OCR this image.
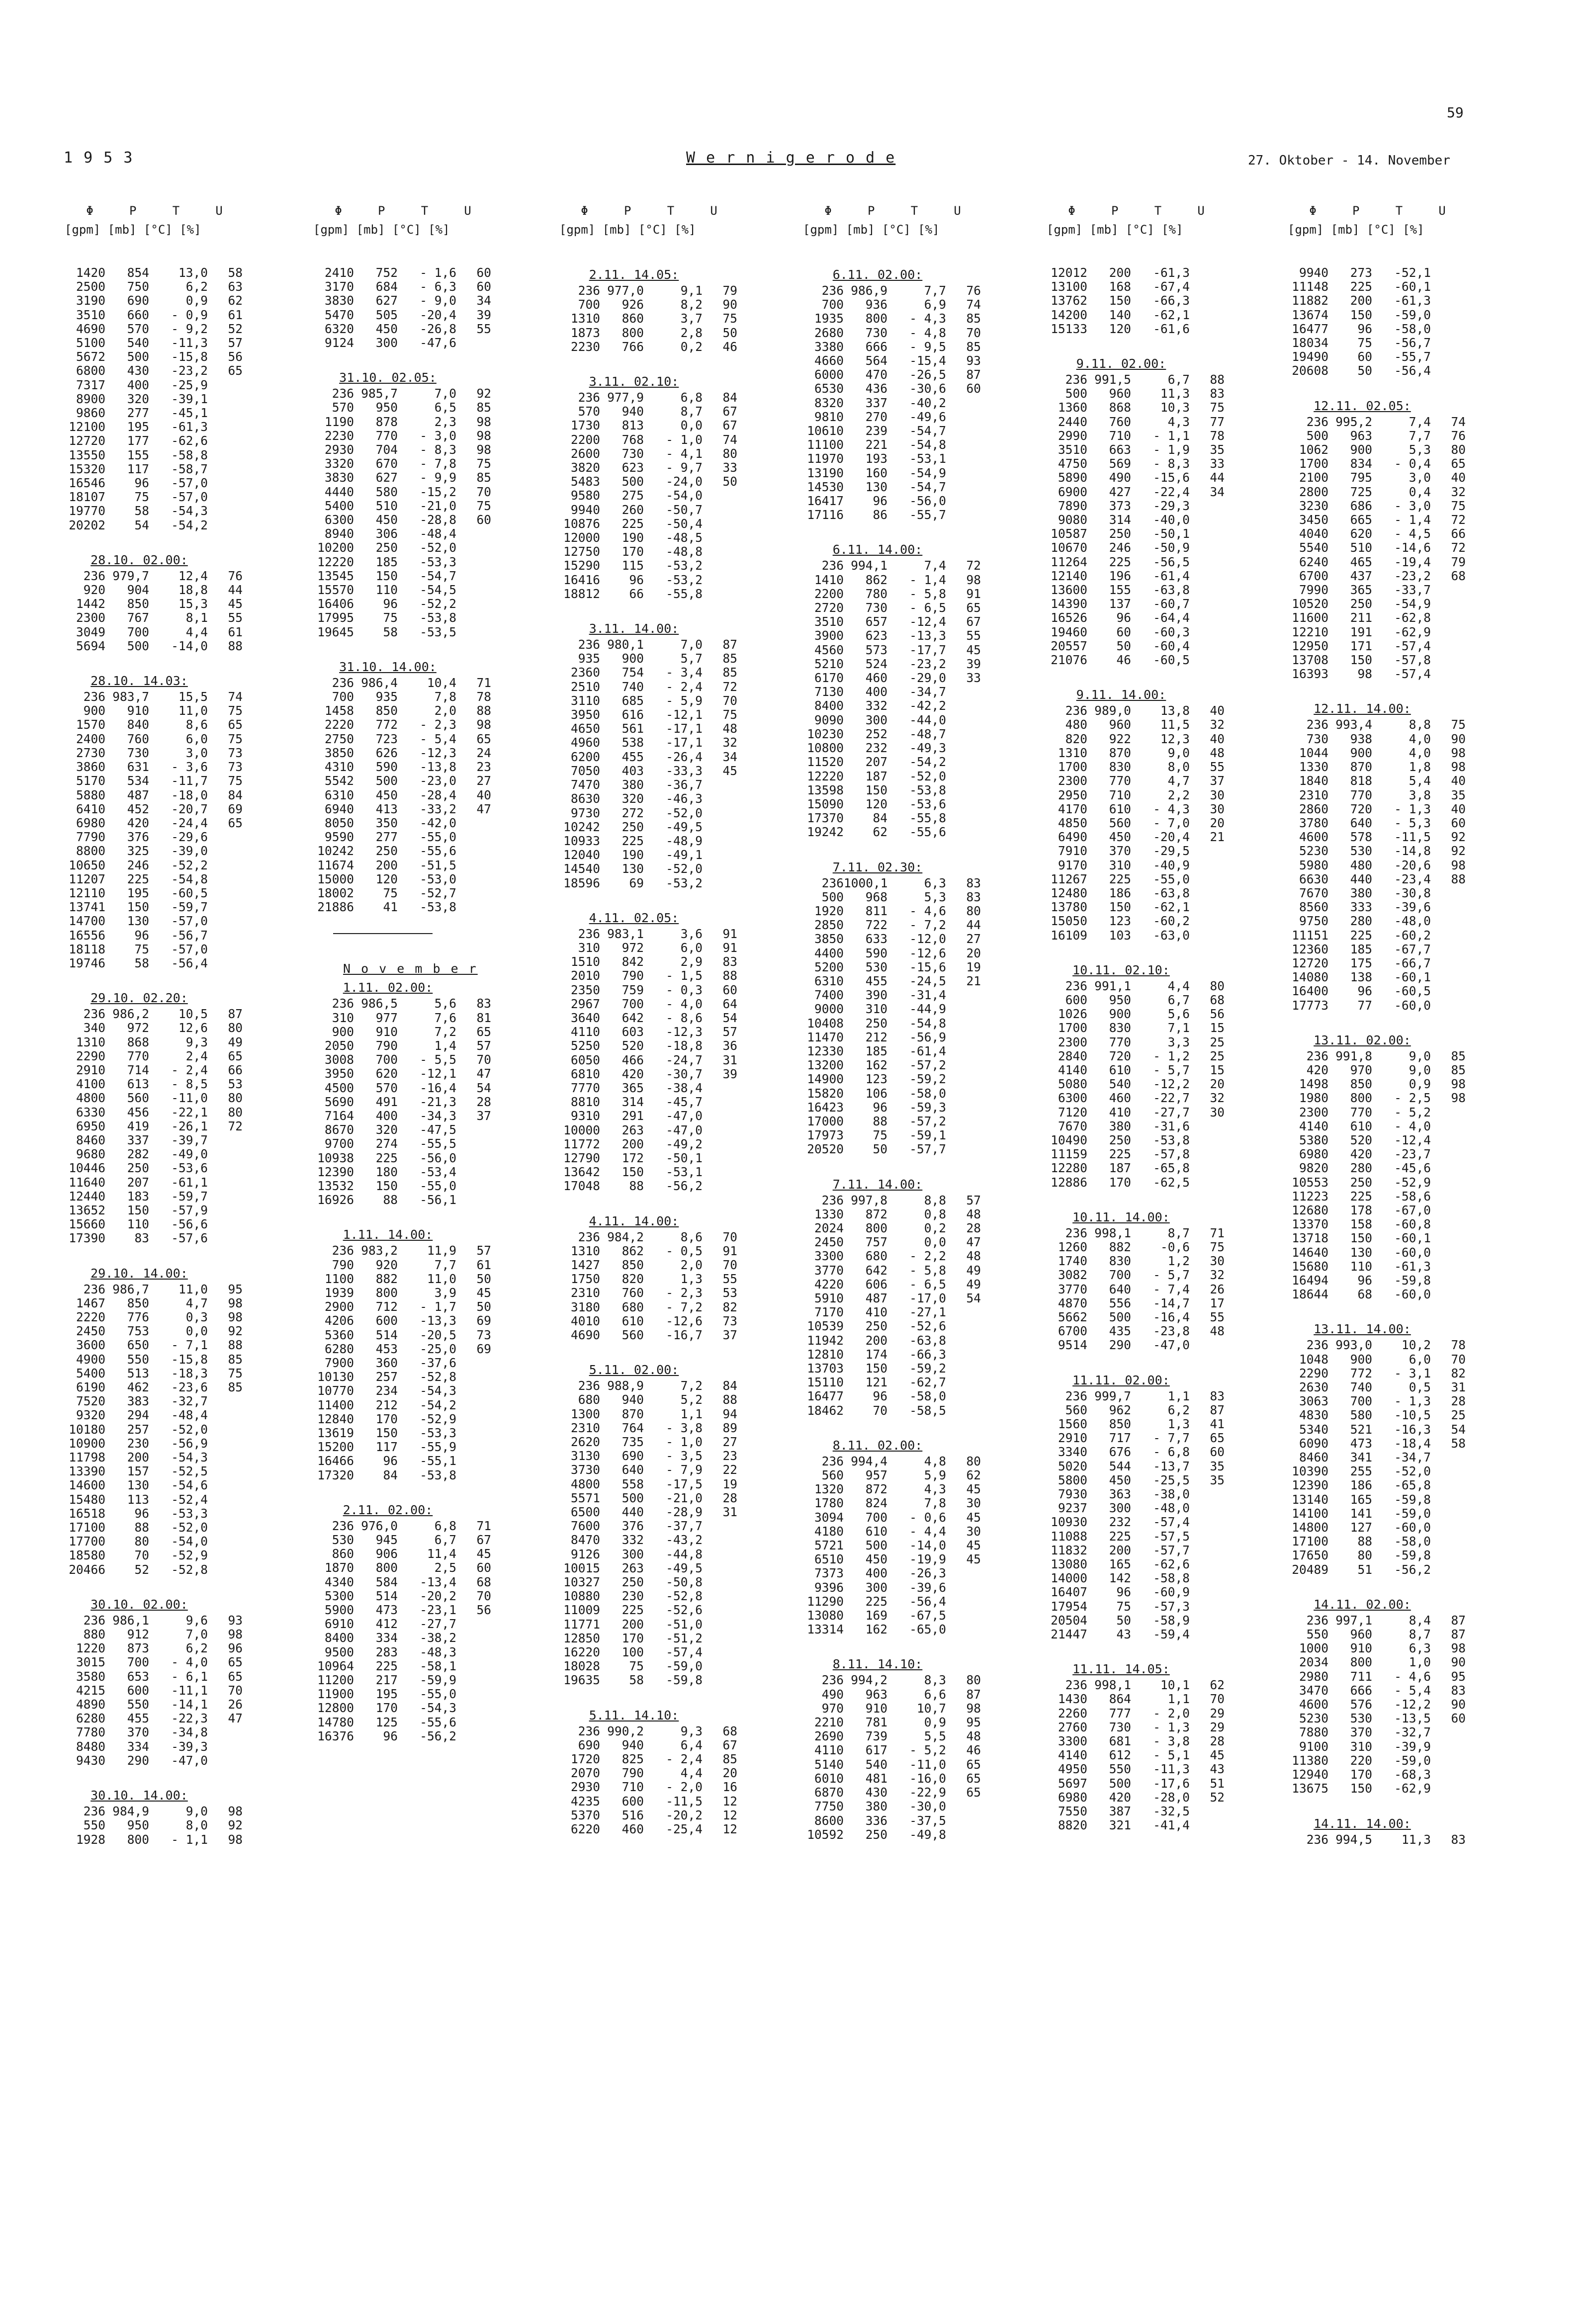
1 9 5 3	W e r n i g e r o d e	27. Oktober - 14. November
59
Φ     P     T     U
[gpm] [mb] [°C] [%]
1420	854	13,0	58
2500	750	6,2	63
3190	690	0,9	62
3510	660	- 0,9	61
4690	570	- 9,2	52
5100	540	-11,3	57
5672	500	-15,8	56
6800	430	-23,2	65
7317	400	-25,9
8900	320	-39,1
9860	277	-45,1
12100	195	-61,3
12720	177	-62,6
13550	155	-58,8
15320	117	-58,7
16546	96	-57,0
18107	75	-57,0
19770	58	-54,3
20202	54	-54,2
28.10. 02.00:
236 979,7	12,4	76
920	904	18,8	44
1442	850	15,3	45
2300	767	8,1	55
3049	700	4,4	61
5694	500	-14,0	88
28.10. 14.03:
236 983,7	15,5	74
900	910	11,0	75
1570	840	8,6	65
2400	760	6,0	75
2730	730	3,0	73
3860	631	- 3,6	73
5170	534	-11,7	75
5880	487	-18,0	84
6410	452	-20,7	69
6980	420	-24,4	65
7790	376	-29,6
8800	325	-39,0
10650	246	-52,2
11207	225	-54,8
12110	195	-60,5
13741	150	-59,7
14700	130	-57,0
16556	96	-56,7
18118	75	-57,0
19746	58	-56,4
29.10. 02.20:
236 986,2	10,5	87
340	972	12,6	80
1310	868	9,3	49
2290	770	2,4	65
2910	714	- 2,4	66
4100	613	- 8,5	53
4800	560	-11,0	80
6330	456	-22,1	80
6950	419	-26,1	72
8460	337	-39,7
9680	282	-49,0
10446	250	-53,6
11640	207	-61,1
12440	183	-59,7
13652	150	-57,9
15660	110	-56,6
17390	83	-57,6
29.10. 14.00:
236 986,7	11,0	95
1467	850	4,7	98
2220	776	0,3	98
2450	753	0,0	92
3600	650	- 7,1	88
4900	550	-15,8	85
5400	513	-18,3	75
6190	462	-23,6	85
7520	383	-32,7
9320	294	-48,4
10180	257	-52,0
10900	230	-56,9
11798	200	-54,3
13390	157	-52,5
14600	130	-54,6
15480	113	-52,4
16518	96	-53,3
17100	88	-52,0
17700	80	-54,0
18580	70	-52,9
20466	52	-52,8
30.10. 02.00:
236 986,1	9,6	93
880	912	7,0	98
1220	873	6,2	96
3015	700	- 4,0	65
3580	653	- 6,1	65
4215	600	-11,1	70
4890	550	-14,1	26
6280	455	-22,3	47
7780	370	-34,8
8480	334	-39,3
9430	290	-47,0
30.10. 14.00:
236 984,9	9,0	98
550	950	8,0	92
1928	800	- 1,1	98
Φ     P     T     U
[gpm] [mb] [°C] [%]
2410	752	- 1,6	60
3170	684	- 6,3	60
3830	627	- 9,0	34
5470	505	-20,4	39
6320	450	-26,8	55
9124	300	-47,6
31.10. 02.05:
236 985,7	7,0	92
570	950	6,5	85
1190	878	2,3	98
2230	770	- 3,0	98
2930	704	- 8,3	98
3320	670	- 7,8	75
3830	627	- 9,9	85
4440	580	-15,2	70
5400	510	-21,0	75
6300	450	-28,8	60
8940	306	-48,4
10200	250	-52,0
12220	185	-53,3
13545	150	-54,7
15570	110	-54,5
16406	96	-52,2
17995	75	-53,8
19645	58	-53,5
31.10. 14.00:
236 986,4	10,4	71
700	935	7,8	78
1458	850	2,0	88
2220	772	- 2,3	98
2750	723	- 5,4	65
3850	626	-12,3	24
4310	590	-13,8	23
5542	500	-23,0	27
6310	450	-28,4	40
6940	413	-33,2	47
8050	350	-42,0
9590	277	-55,0
10242	250	-55,6
11674	200	-51,5
15000	120	-53,0
18002	75	-52,7
21886	41	-53,8
N o v e m b e r
1.11. 02.00:
236 986,5	5,6	83
310	977	7,6	81
900	910	7,2	65
2050	790	1,4	57
3008	700	- 5,5	70
3950	620	-12,1	47
4500	570	-16,4	54
5690	491	-21,3	28
7164	400	-34,3	37
8670	320	-47,5
9700	274	-55,5
10938	225	-56,0
12390	180	-53,4
13532	150	-55,0
16926	88	-56,1
1.11. 14.00:
236 983,2	11,9	57
790	920	7,7	61
1100	882	11,0	50
1939	800	3,9	45
2900	712	- 1,7	50
4206	600	-13,3	69
5360	514	-20,5	73
6280	453	-25,0	69
7900	360	-37,6
10130	257	-52,8
10770	234	-54,3
11400	212	-54,2
12840	170	-52,9
13619	150	-53,3
15200	117	-55,9
16466	96	-55,1
17320	84	-53,8
2.11. 02.00:
236 976,0	6,8	71
530	945	6,7	67
860	906	11,4	45
1870	800	2,5	60
4340	584	-13,4	68
5300	514	-20,2	70
5900	473	-23,1	56
6910	412	-27,7
8400	334	-38,2
9500	283	-48,3
10964	225	-58,1
11200	217	-59,9
11900	195	-55,0
12800	170	-54,3
14780	125	-55,6
16376	96	-56,2
Φ     P     T     U
[gpm] [mb] [°C] [%]
2.11. 14.05:
236 977,0	9,1	79
700	926	8,2	90
1310	860	3,7	75
1873	800	2,8	50
2230	766	0,2	46
3.11. 02.10:
236 977,9	6,8	84
570	940	8,7	67
1730	813	0,0	67
2200	768	- 1,0	74
2600	730	- 4,1	80
3820	623	- 9,7	33
5483	500	-24,0	50
9580	275	-54,0
9940	260	-50,7
10876	225	-50,4
12000	190	-48,5
12750	170	-48,8
15290	115	-53,2
16416	96	-53,2
18812	66	-55,8
3.11. 14.00:
236 980,1	7,0	87
935	900	5,7	85
2360	754	- 3,4	85
2510	740	- 2,4	72
3110	685	- 5,9	70
3950	616	-12,1	75
4650	561	-17,1	48
4960	538	-17,1	32
6200	455	-26,4	34
7050	403	-33,3	45
7470	380	-36,7
8630	320	-46,3
9730	272	-52,0
10242	250	-49,5
10933	225	-48,9
12040	190	-49,1
14540	130	-52,0
18596	69	-53,2
4.11. 02.05:
236 983,1	3,6	91
310	972	6,0	91
1510	842	2,9	83
2010	790	- 1,5	88
2350	759	- 0,3	60
2967	700	- 4,0	64
3640	642	- 8,6	54
4110	603	-12,3	57
5250	520	-18,8	36
6050	466	-24,7	31
6810	420	-30,7	39
7770	365	-38,4
8810	314	-45,7
9310	291	-47,0
10000	263	-47,0
11772	200	-49,2
12790	172	-50,1
13642	150	-53,1
17048	88	-56,2
4.11. 14.00:
236 984,2	8,6	70
1310	862	- 0,5	91
1427	850	2,0	70
1750	820	1,3	55
2310	760	- 2,3	53
3180	680	- 7,2	82
4010	610	-12,6	73
4690	560	-16,7	37
5.11. 02.00:
236 988,9	7,2	84
680	940	5,2	88
1300	870	1,1	94
2310	764	- 3,8	89
2620	735	- 1,0	27
3130	690	- 3,5	23
3730	640	- 7,9	22
4800	558	-17,5	19
5571	500	-21,0	28
6500	440	-28,9	31
7600	376	-37,7
8470	332	-43,2
9126	300	-44,8
10015	263	-49,5
10327	250	-50,8
10880	230	-52,8
11009	225	-52,6
11771	200	-51,0
12850	170	-51,2
16220	100	-57,4
18028	75	-59,0
19635	58	-59,8
5.11. 14.10:
236 990,2	9,3	68
690	940	6,4	67
1720	825	- 2,4	85
2070	790	4,4	20
2930	710	- 2,0	16
4235	600	-11,5	12
5370	516	-20,2	12
6220	460	-25,4	12
Φ     P     T     U
[gpm] [mb] [°C] [%]
6.11. 02.00:
236 986,9	7,7	76
700	936	6,9	74
1935	800	- 4,3	85
2680	730	- 4,8	70
3380	666	- 9,5	85
4660	564	-15,4	93
6000	470	-26,5	87
6530	436	-30,6	60
8320	337	-40,2
9810	270	-49,6
10610	239	-54,7
11100	221	-54,8
11970	193	-53,1
13190	160	-54,9
14530	130	-54,7
16417	96	-56,0
17116	86	-55,7
6.11. 14.00:
236 994,1	7,4	72
1410	862	- 1,4	98
2200	780	- 5,8	91
2720	730	- 6,5	65
3510	657	-12,4	67
3900	623	-13,3	55
4560	573	-17,7	45
5210	524	-23,2	39
6170	460	-29,0	33
7130	400	-34,7
8400	332	-42,2
9090	300	-44,0
10230	252	-48,7
10800	232	-49,3
11520	207	-54,2
12220	187	-52,0
13598	150	-53,8
15090	120	-53,6
17370	84	-55,8
19242	62	-55,6
7.11. 02.30:
236 1000,1	6,3	83
500	968	5,3	83
1920	811	- 4,6	80
2850	722	- 7,2	44
3850	633	-12,0	27
4400	590	-12,6	20
5200	530	-15,6	19
6310	455	-24,5	21
7400	390	-31,4
9000	310	-44,9
10408	250	-54,8
11470	212	-56,9
12330	185	-61,4
13200	162	-57,2
14900	123	-59,2
15820	106	-58,0
16423	96	-59,3
17000	88	-57,2
17973	75	-59,1
20520	50	-57,7
7.11. 14.00:
236 997,8	8,8	57
1330	872	0,8	48
2024	800	0,2	28
2450	757	0,0	47
3300	680	- 2,2	48
3770	642	- 5,8	49
4220	606	- 6,5	49
5910	487	-17,0	54
7170	410	-27,1
10539	250	-52,6
11942	200	-63,8
12810	174	-66,3
13703	150	-59,2
15110	121	-62,7
16477	96	-58,0
18462	70	-58,5
8.11. 02.00:
236 994,4	4,8	80
560	957	5,9	62
1320	872	4,3	45
1780	824	7,8	30
3094	700	- 0,6	45
4180	610	- 4,4	30
5721	500	-14,0	45
6510	450	-19,9	45
7373	400	-26,3
9396	300	-39,6
11290	225	-56,4
13080	169	-67,5
13314	162	-65,0
8.11. 14.10:
236 994,2	8,3	80
490	963	6,6	87
970	910	10,7	98
2210	781	0,9	95
2690	739	5,5	48
4110	617	- 5,2	46
5140	540	-11,0	65
6010	481	-16,0	65
6870	430	-22,9	65
7750	380	-30,0
8600	336	-37,5
10592	250	-49,8
Φ     P     T     U
[gpm] [mb] [°C] [%]
12012	200	-61,3
13100	168	-67,4
13762	150	-66,3
14200	140	-62,1
15133	120	-61,6
9.11. 02.00:
236 991,5	6,7	88
500	960	11,3	83
1360	868	10,3	75
2440	760	4,3	77
2990	710	- 1,1	78
3510	663	- 1,9	35
4750	569	- 8,3	33
5890	490	-15,6	44
6900	427	-22,4	34
7890	373	-29,3
9080	314	-40,0
10587	250	-50,1
10670	246	-50,9
11264	225	-56,5
12140	196	-61,4
13600	155	-63,8
14390	137	-60,7
16526	96	-64,4
19460	60	-60,3
20557	50	-60,4
21076	46	-60,5
9.11. 14.00:
236 989,0	13,8	40
480	960	11,5	32
820	922	12,3	40
1310	870	9,0	48
1700	830	8,0	55
2300	770	4,7	37
2950	710	2,2	30
4170	610	- 4,3	30
4850	560	- 7,0	20
6490	450	-20,4	21
7910	370	-29,5
9170	310	-40,9
11267	225	-55,0
12480	186	-63,8
13780	150	-62,1
15050	123	-60,2
16109	103	-63,0
10.11. 02.10:
236 991,1	4,4	80
600	950	6,7	68
1026	900	5,6	56
1700	830	7,1	15
2300	770	3,3	25
2840	720	- 1,2	25
4140	610	- 5,7	15
5080	540	-12,2	20
6300	460	-22,7	32
7120	410	-27,7	30
7670	380	-31,6
10490	250	-53,8
11159	225	-57,8
12280	187	-65,8
12886	170	-62,5
10.11. 14.00:
236 998,1	8,7	71
1260	882	-0,6	75
1740	830	1,2	30
3082	700	- 5,7	32
3770	640	- 7,4	26
4870	556	-14,7	17
5662	500	-16,4	55
6700	435	-23,8	48
9514	290	-47,0
11.11. 02.00:
236 999,7	1,1	83
560	962	6,2	87
1560	850	1,3	41
2910	717	- 7,7	65
3340	676	- 6,8	60
5020	544	-13,7	35
5800	450	-25,5	35
7930	363	-38,0
9237	300	-48,0
10930	232	-57,4
11088	225	-57,5
11832	200	-57,7
13080	165	-62,6
14000	142	-58,8
16407	96	-60,9
17954	75	-57,3
20504	50	-58,9
21447	43	-59,4
11.11. 14.05:
236 998,1	10,1	62
1430	864	1,1	70
2260	777	- 2,0	29
2760	730	- 1,3	29
3300	681	- 3,8	28
4140	612	- 5,1	45
4950	550	-11,3	43
5697	500	-17,6	51
6980	420	-28,0	52
7550	387	-32,5
8820	321	-41,4
Φ     P     T     U
[gpm] [mb] [°C] [%]
9940	273	-52,1
11148	225	-60,1
11882	200	-61,3
13674	150	-59,0
16477	96	-58,0
18034	75	-56,7
19490	60	-55,7
20608	50	-56,4
12.11. 02.05:
236 995,2	7,4	74
500	963	7,7	76
1062	900	5,3	80
1700	834	- 0,4	65
2100	795	3,0	40
2800	725	0,4	32
3230	686	- 3,0	75
3450	665	- 1,4	72
4040	620	- 4,5	66
5540	510	-14,6	72
6240	465	-19,4	79
6700	437	-23,2	68
7990	365	-33,7
10520	250	-54,9
11600	211	-62,8
12210	191	-62,9
12950	171	-57,4
13708	150	-57,8
16393	98	-57,4
12.11. 14.00:
236 993,4	8,8	75
730	938	4,0	90
1044	900	4,0	98
1330	870	1,8	98
1840	818	5,4	40
2310	770	3,8	35
2860	720	- 1,3	40
3780	640	- 5,3	60
4600	578	-11,5	92
5230	530	-14,8	92
5980	480	-20,6	98
6630	440	-23,4	88
7670	380	-30,8
8560	333	-39,6
9750	280	-48,0
11151	225	-60,2
12360	185	-67,7
12720	175	-66,7
14080	138	-60,1
16400	96	-60,5
17773	77	-60,0
13.11. 02.00:
236 991,8	9,0	85
420	970	9,0	85
1498	850	0,9	98
1980	800	- 2,5	98
2300	770	- 5,2
4140	610	- 4,0
5380	520	-12,4
6980	420	-23,7
9820	280	-45,6
10553	250	-52,9
11223	225	-58,6
12680	178	-67,0
13370	158	-60,8
13718	150	-60,1
14640	130	-60,0
15680	110	-61,3
16494	96	-59,8
18644	68	-60,0
13.11. 14.00:
236 993,0	10,2	78
1048	900	6,0	70
2290	772	- 3,1	82
2630	740	0,5	31
3063	700	- 1,3	28
4830	580	-10,5	25
5340	521	-16,3	54
6090	473	-18,4	58
8460	341	-34,7
10390	255	-52,0
12390	186	-65,8
13140	165	-59,8
14100	141	-59,0
14800	127	-60,0
17100	88	-58,0
17650	80	-59,8
20489	51	-56,2
14.11. 02.00:
236 997,1	8,4	87
550	960	8,7	87
1000	910	6,3	98
2034	800	1,0	90
2980	711	- 4,6	95
3470	666	- 5,4	83
4600	576	-12,2	90
5230	530	-13,5	60
7880	370	-32,7
9100	310	-39,9
11380	220	-59,0
12940	170	-68,3
13675	150	-62,9
14.11. 14.00:
236 994,5	11,3	83
